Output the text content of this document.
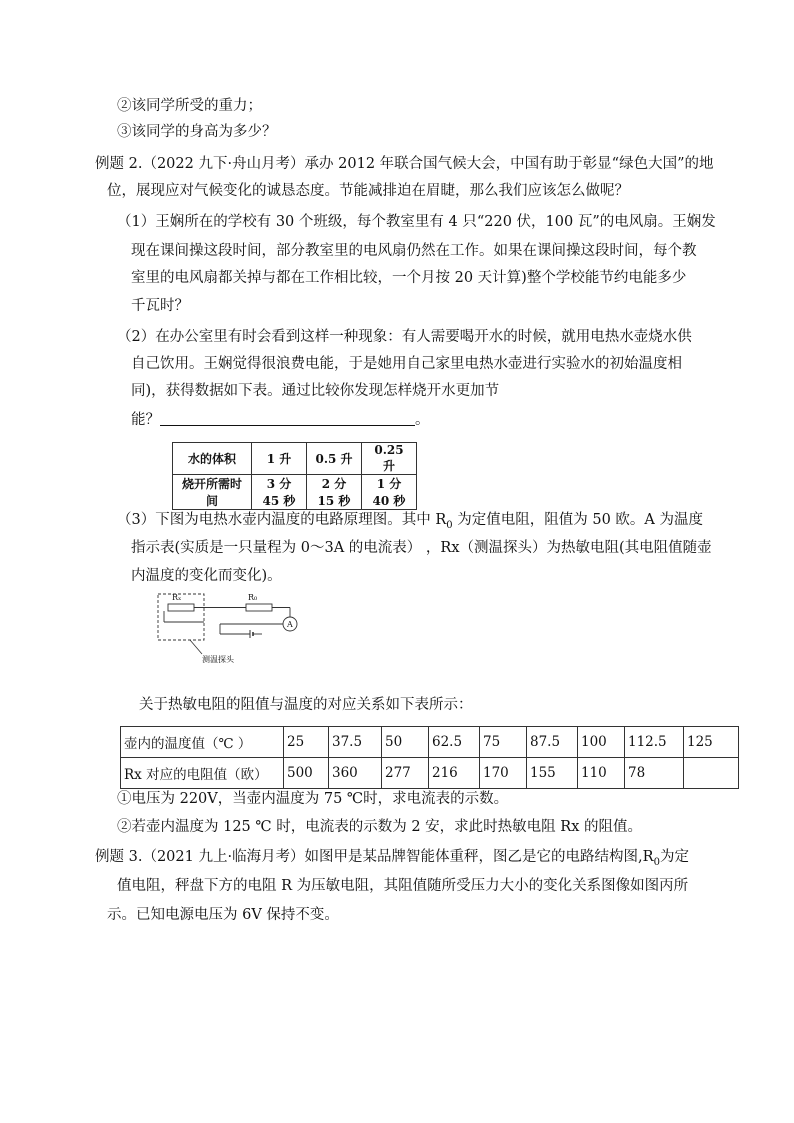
②该同学所受的重力；
③该同学的身高为多少？
例题 2.（2022 九下·舟山月考）承办 2012 年联合国气候大会，中国有助于彰显“绿色大国”的地
位，展现应对气候变化的诚恳态度。节能减排迫在眉睫，那么我们应该怎么做呢？
（1）王娴所在的学校有 30 个班级，每个教室里有 4 只“220 伏，100 瓦”的电风扇。王娴发
现在课间操这段时间，部分教室里的电风扇仍然在工作。如果在课间操这段时间，每个教
室里的电风扇都关掉与都在工作相比较，一个月按 20 天计算)整个学校能节约电能多少
千瓦时？
（2）在办公室里有时会看到这样一种现象：有人需要喝开水的时候，就用电热水壶烧水供
自己饮用。王娴觉得很浪费电能，于是她用自己家里电热水壶进行实验水的初始温度相
同)，获得数据如下表。通过比较你发现怎样烧开水更加节
能？	。
水的体积	1 升	0.5 升	0.25 升
烧开所需时间	3 分 45 秒	2 分 15 秒	1 分 40 秒
（3）下图为电热水壶内温度的电路原理图。其中 $R_0$ 为定值电阻，阻值为 50 欧。A 为温度
指示表(实质是一只量程为 0～3A 的电流表） ，Rx（测温探头）为热敏电阻(其电阻值随壶
内温度的变化而变化)。
Rₓ	R₀
A
测温探头
关于热敏电阻的阻值与温度的对应关系如下表所示：
壶内的温度值（℃ ）	25	37.5	50	62.5	75	87.5	100	112.5	125
Rx 对应的电阻值（欧）	500	360	277	216	170	155	110	78	
①电压为 220V，当壶内温度为 75 ℃时，求电流表的示数。
②若壶内温度为 125 ℃ 时，电流表的示数为 2 安，求此时热敏电阻 Rx 的阻值。
例题 3.（2021 九上·临海月考）如图甲是某品牌智能体重秤，图乙是它的电路结构图$,R_0$为定
值电阻，秤盘下方的电阻 R 为压敏电阻，其阻值随所受压力大小的变化关系图像如图丙所
示。已知电源电压为 6V 保持不变。
